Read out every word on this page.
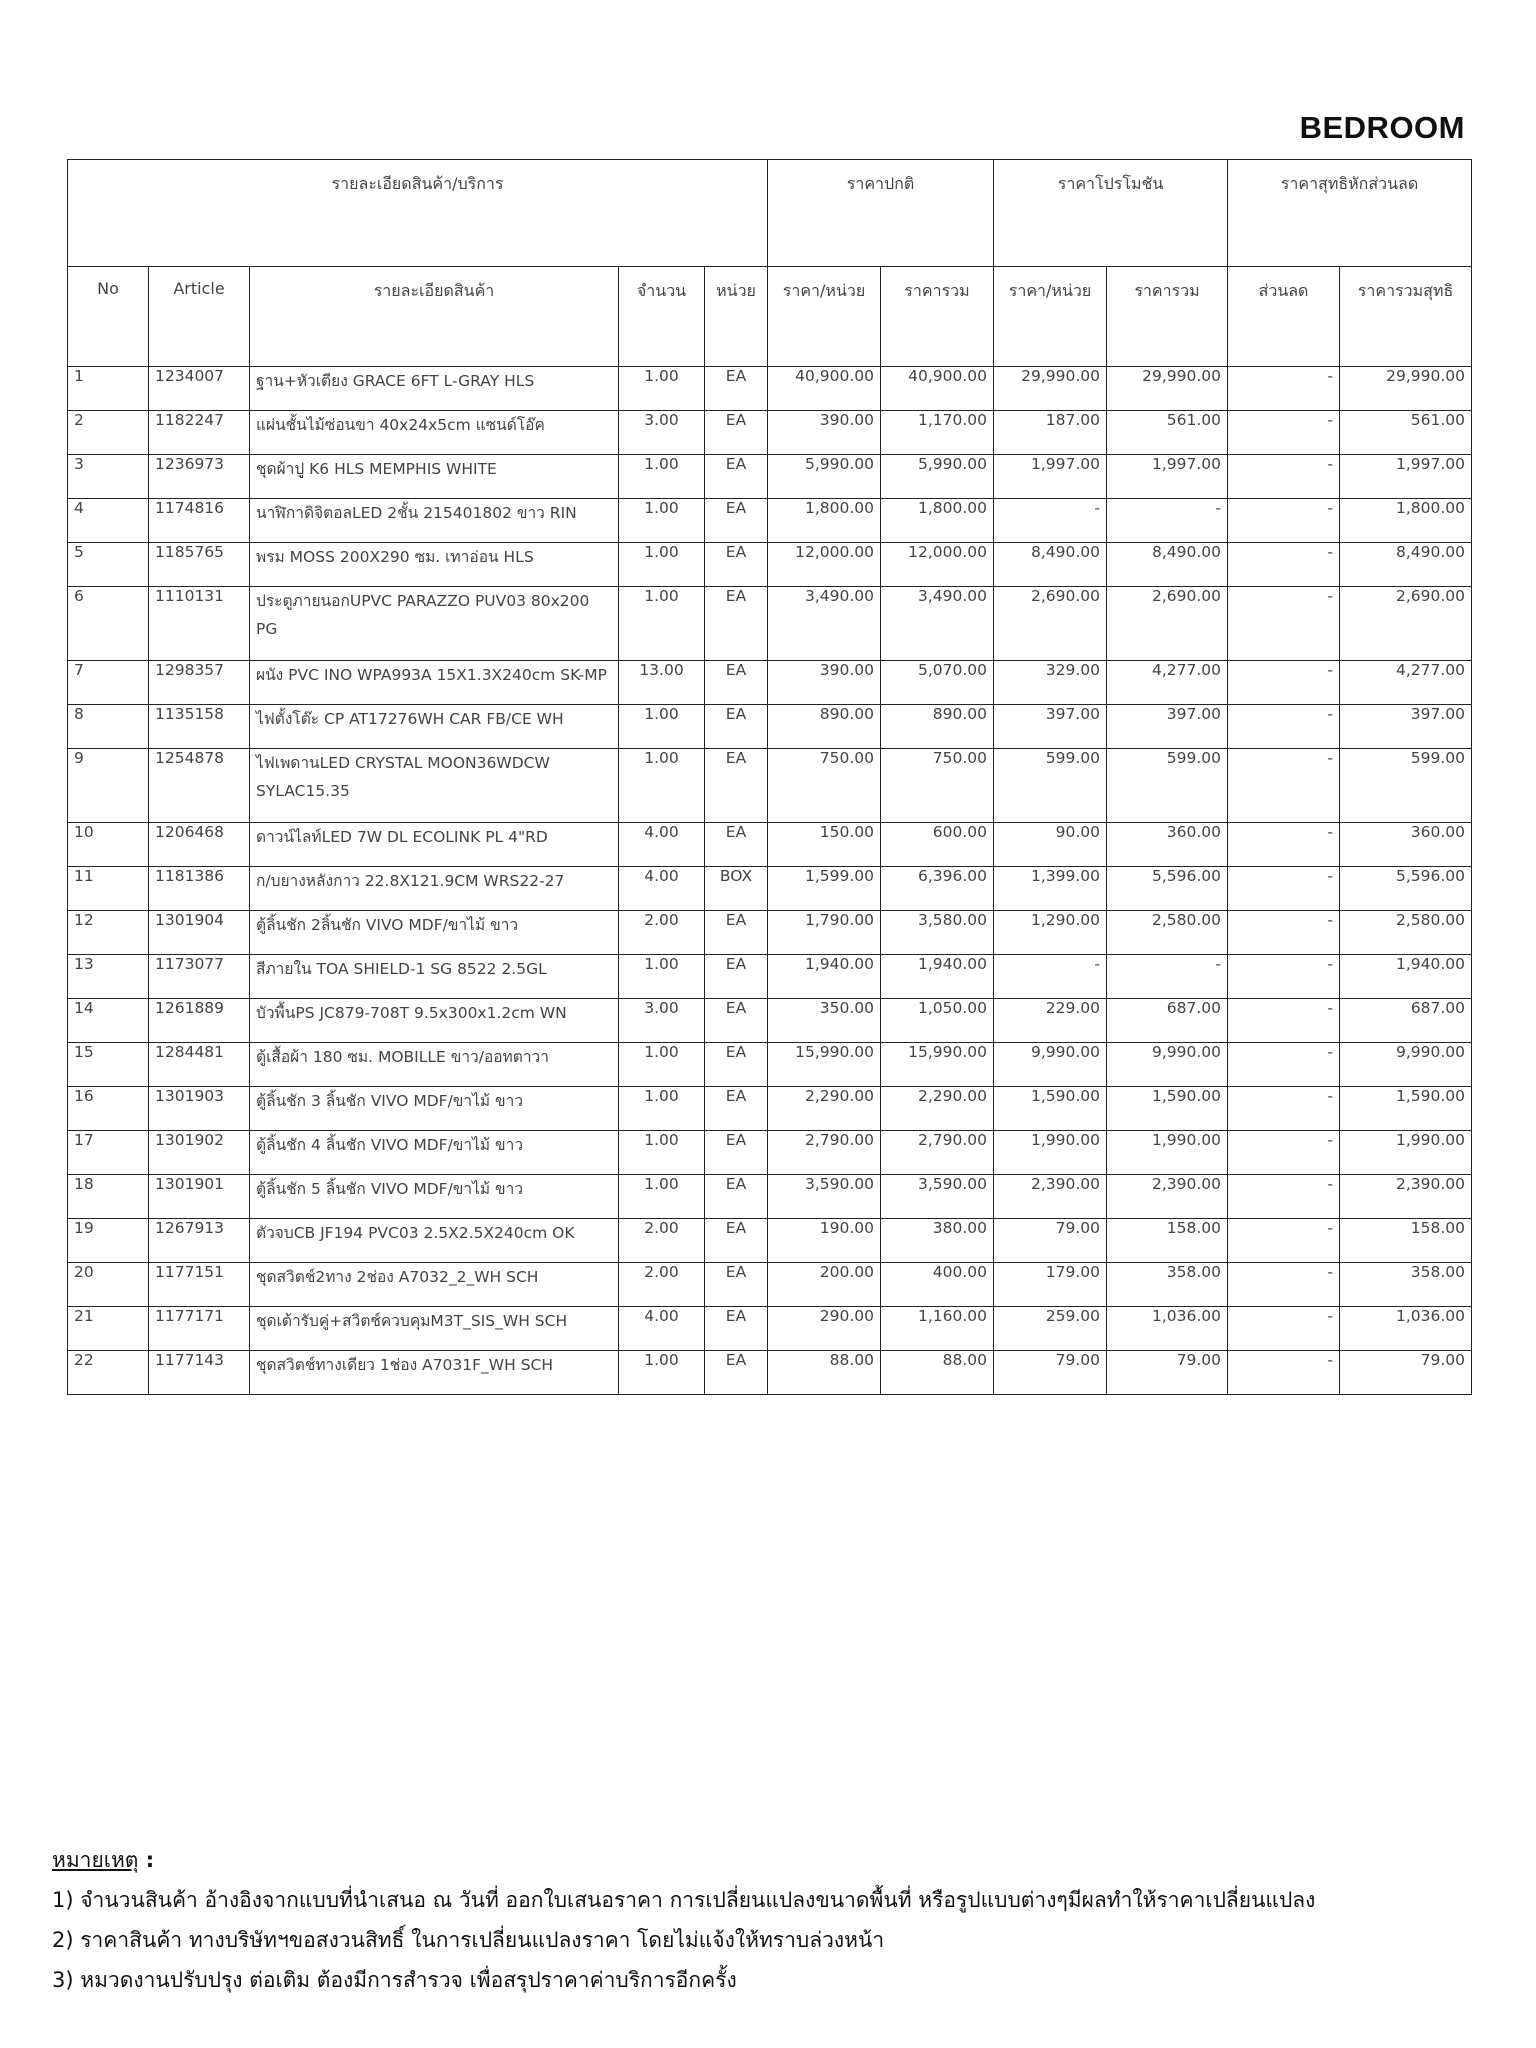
BEDROOM
รายละเอียดสินค้า/บริการ					ราคาปกติ		ราคาโปรโมชัน		ราคาสุทธิหักส่วนลด	
No	Article	รายละเอียดสินค้า	จำนวน	หน่วย	ราคา/หน่วย	ราคารวม	ราคา/หน่วย	ราคารวม	ส่วนลด	ราคารวมสุทธิ
1	1234007	ฐาน+หัวเตียง GRACE 6FT L-GRAY HLS	1.00	EA	40,900.00	40,900.00	29,990.00	29,990.00	-	29,990.00
2	1182247	แผ่นชั้นไม้ซ่อนขา 40x24x5cm แซนด์โอ๊ค	3.00	EA	390.00	1,170.00	187.00	561.00	-	561.00
3	1236973	ชุดผ้าปู K6 HLS MEMPHIS WHITE	1.00	EA	5,990.00	5,990.00	1,997.00	1,997.00	-	1,997.00
4	1174816	นาฬิกาดิจิตอลLED 2ชั้น 215401802 ขาว RIN	1.00	EA	1,800.00	1,800.00	-	-	-	1,800.00
5	1185765	พรม MOSS 200X290 ซม. เทาอ่อน HLS	1.00	EA	12,000.00	12,000.00	8,490.00	8,490.00	-	8,490.00
6	1110131	ประตูภายนอกUPVC PARAZZO PUV03 80x200 PG	1.00	EA	3,490.00	3,490.00	2,690.00	2,690.00	-	2,690.00
7	1298357	ผนัง PVC INO WPA993A 15X1.3X240cm SK-MP	13.00	EA	390.00	5,070.00	329.00	4,277.00	-	4,277.00
8	1135158	ไฟตั้งโต๊ะ CP AT17276WH CAR FB/CE WH	1.00	EA	890.00	890.00	397.00	397.00	-	397.00
9	1254878	ไฟเพดานLED CRYSTAL MOON36WDCW SYLAC15.35	1.00	EA	750.00	750.00	599.00	599.00	-	599.00
10	1206468	ดาวน์ไลท์LED 7W DL ECOLINK PL 4"RD	4.00	EA	150.00	600.00	90.00	360.00	-	360.00
11	1181386	ก/บยางหลังกาว 22.8X121.9CM WRS22-27	4.00	BOX	1,599.00	6,396.00	1,399.00	5,596.00	-	5,596.00
12	1301904	ตู้ลิ้นชัก 2ลิ้นชัก VIVO MDF/ขาไม้ ขาว	2.00	EA	1,790.00	3,580.00	1,290.00	2,580.00	-	2,580.00
13	1173077	สีภายใน TOA SHIELD-1 SG 8522 2.5GL	1.00	EA	1,940.00	1,940.00	-	-	-	1,940.00
14	1261889	บัวพื้นPS JC879-708T 9.5x300x1.2cm WN	3.00	EA	350.00	1,050.00	229.00	687.00	-	687.00
15	1284481	ตู้เสื้อผ้า 180 ซม. MOBILLE ขาว/ออทตาวา	1.00	EA	15,990.00	15,990.00	9,990.00	9,990.00	-	9,990.00
16	1301903	ตู้ลิ้นชัก 3 ลิ้นชัก VIVO MDF/ขาไม้ ขาว	1.00	EA	2,290.00	2,290.00	1,590.00	1,590.00	-	1,590.00
17	1301902	ตู้ลิ้นชัก 4 ลิ้นชัก VIVO MDF/ขาไม้ ขาว	1.00	EA	2,790.00	2,790.00	1,990.00	1,990.00	-	1,990.00
18	1301901	ตู้ลิ้นชัก 5 ลิ้นชัก VIVO MDF/ขาไม้ ขาว	1.00	EA	3,590.00	3,590.00	2,390.00	2,390.00	-	2,390.00
19	1267913	ตัวจบCB JF194 PVC03 2.5X2.5X240cm OK	2.00	EA	190.00	380.00	79.00	158.00	-	158.00
20	1177151	ชุดสวิตช์2ทาง 2ช่อง A7032_2_WH SCH	2.00	EA	200.00	400.00	179.00	358.00	-	358.00
21	1177171	ชุดเต้ารับคู่+สวิตช์ควบคุมM3T_SIS_WH SCH	4.00	EA	290.00	1,160.00	259.00	1,036.00	-	1,036.00
22	1177143	ชุดสวิตช์ทางเดียว 1ช่อง A7031F_WH SCH	1.00	EA	88.00	88.00	79.00	79.00	-	79.00
หมายเหตุ :
1) จำนวนสินค้า อ้างอิงจากแบบที่นำเสนอ ณ วันที่ ออกใบเสนอราคา การเปลี่ยนแปลงขนาดพื้นที่ หรือรูปแบบต่างๆมีผลทำให้ราคาเปลี่ยนแปลง
2) ราคาสินค้า ทางบริษัทฯขอสงวนสิทธิ์ ในการเปลี่ยนแปลงราคา โดยไม่แจ้งให้ทราบล่วงหน้า
3) หมวดงานปรับปรุง ต่อเติม ต้องมีการสำรวจ เพื่อสรุปราคาค่าบริการอีกครั้ง
